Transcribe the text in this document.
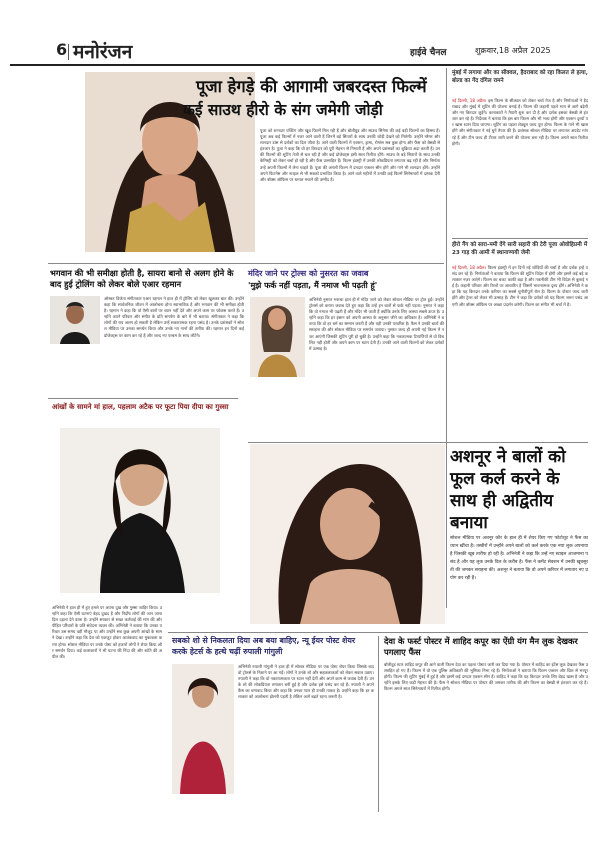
6 मनोरंजन	हाईवे चैनल	शुक्रवार,18 अप्रैल 2025
पूजा हेगड़े की आगामी जबरदस्त फिल्में
कई साउथ हीरो के संग जमेगी जोड़ी
पूजा को शानदार एक्टिंग और खूब फिल्में मिल रही हैं और बॉलीवुड और साउथ सिनेमा की कई बड़ी फिल्मों का हिस्सा हैं। पूजा अब कई फिल्मों में नज़र आने वाली हैं जिनमें बड़े सितारों के साथ उनकी जोड़ी देखने को मिलेगी। उन्होंने ग्लैमर और शानदार डांस से दर्शकों का दिल जीता है। आने वाली फिल्मों में एक्शन, ड्रामा, रोमांस सब कुछ होगा और फैंस को बेसब्री से इंतजार है। पूजा ने कहा कि वो हर किरदार को पूरी मेहनत से निभाती हैं और अपने प्रशंसकों का शुक्रिया अदा करती हैं। उनकी फिल्मों की शूटिंग तेजी से चल रही है और कई प्रोजेक्ट्स इसी साल रिलीज होंगे। साउथ के बड़े सितारों के साथ उनकी केमिस्ट्री को लेकर चर्चा हो रही है और फैंस उत्साहित हैं। फिल्म इंडस्ट्री में उनकी लोकप्रियता लगातार बढ़ रही है और निर्माता उन्हें अपनी फिल्मों में लेना चाहते हैं। पूजा की अगली फिल्म में दमदार एक्शन सीन होंगे और गाने भी शानदार होंगे। उन्होंने अपने फिटनेस और स्टाइल से भी सबको प्रभावित किया है। आने वाले महीनों में उनकी कई फिल्में सिनेमाघरों में दस्तक देंगी और बॉक्स ऑफिस पर धमाल मचाने की उम्मीद है।
मुंबई में लगाया और का सीक्वल, हैदराबाद को रहा किलत ले हत्या, बोल्ड का गेंद दंगिल रामने
नई दिल्ली, 18 अप्रैल। इस फिल्म के सीक्वल को लेकर चर्चा तेज है और निर्माताओं ने हैदराबाद और मुंबई में शूटिंग की योजना बनाई है। फिल्म की कहानी पहले भाग से आगे बढ़ेगी और नए किरदार जुड़ेंगे। कलाकारों ने तैयारी शुरू कर दी है और दर्शक इसका बेसब्री से इंतजार कर रहे हैं। निर्देशक ने बताया कि इस बार फिल्म और भी भव्य होगी और एक्शन दृश्यों पर खास ध्यान दिया जाएगा। शूटिंग का पहला शेड्यूल जल्द पूरा होगा। फिल्म के गाने भी खास होंगे और संगीतकार ने नई धुनें तैयार की हैं। प्रशंसक सोशल मीडिया पर लगातार अपडेट मांग रहे हैं और टीम जल्द ही टीजर जारी करने की योजना बना रही है। फिल्म अगले साल रिलीज होगी।
हीरो गैंग को सारा-ममी देंगे सारी सहारी की टेरी पूजा ओवोहिप्रमी में 23 गाड़ की आमी में स्थानाण्ययी जेमी
नई दिल्ली, 18 अप्रैल। फिल्म इंडस्ट्री में इन दिनों नई जोड़ियों की चर्चा है और दर्शक इन्हें पसंद कर रहे हैं। निर्माताओं ने बताया कि फिल्म की शूटिंग विदेश में होगी और इसमें कई बड़े कलाकार नज़र आएंगे। फिल्म का बजट काफी बड़ा है और तकनीकी टीम भी विदेश से बुलाई गई है। कहानी परिवार और रिश्तों पर आधारित है जिसमें भावनात्मक दृश्य होंगे। अभिनेत्री ने कहा कि यह किरदार उनके करियर का सबसे चुनौतीपूर्ण रोल है। फिल्म के पोस्टर जल्द जारी होंगे और ट्रेलर को लेकर भी उत्साह है। टीम ने कहा कि दर्शकों को यह फिल्म जरूर पसंद आएगी और बॉक्स ऑफिस पर अच्छा प्रदर्शन करेगी। फिल्म का संगीत भी चर्चा में है।
भगवान की भी समीक्षा होती है, सायरा बानो से अलग होने के बाद हुई ट्रोलिंग को लेकर बोले एआर रहमान
ऑस्कर विजेता संगीतकार एआर रहमान ने हाल ही में ट्रोलिंग को लेकर खुलकर बात की। उन्होंने कहा कि सार्वजनिक जीवन में आलोचना होना स्वाभाविक है और भगवान की भी समीक्षा होती है। रहमान ने कहा कि वो ऐसी बातों पर ध्यान नहीं देते और अपने काम पर फोकस करते हैं। उन्होंने अपने परिवार और संगीत के प्रति समर्पण के बारे में भी बताया। संगीतकार ने कहा कि लोगों की राय अलग हो सकती है लेकिन उन्हें सकारात्मक रहना पसंद है। उनके प्रशंसकों ने सोशल मीडिया पर उनका समर्थन किया और उनके नए गानों की तारीफ की। रहमान इन दिनों कई प्रोजेक्ट्स पर काम कर रहे हैं और जल्द नए एल्बम के साथ लौटेंगे।
मंदिर जाने पर ट्रोल्स को नुसरत का जवाब
'मुझे फर्क नहीं पड़ता, मैं नमाज भी पढ़ती हूं'
अभिनेत्री नुसरत भरूचा हाल ही में मंदिर जाने को लेकर सोशल मीडिया पर ट्रोल हुईं। उन्होंने ट्रोलर्स को करारा जवाब देते हुए कहा कि उन्हें इन बातों से फर्क नहीं पड़ता। नुसरत ने कहा कि वो नमाज भी पढ़ती हैं और मंदिर भी जाती हैं क्योंकि उनके लिए आस्था सबसे ऊपर है। उन्होंने कहा कि हर इंसान को अपनी आस्था के अनुसार जीने का अधिकार है। अभिनेत्री ने बताया कि वो हर धर्म का सम्मान करती हैं और यही उनकी परवरिश है। फैंस ने उनकी बातों की सराहना की और सोशल मीडिया पर समर्थन जताया। नुसरत जल्द ही अपनी नई फिल्म में नज़र आएंगी जिसकी शूटिंग पूरी हो चुकी है। उन्होंने कहा कि नकारात्मक टिप्पणियों से वो विचलित नहीं होतीं और अपने काम पर ध्यान देती हैं। उनकी आने वाली फिल्मों को लेकर दर्शकों में उत्साह है।
आंखों के सामने मां हाल, पहलाम अटैक पर फूटा पिया दीपा का गुस्सा
अभिनेत्री ने हाल ही में हुए हमले पर अपना दुख और गुस्सा जाहिर किया। उन्होंने कहा कि ऐसी घटनाएं बेहद दुखद हैं और निर्दोष लोगों की जान जाना दिल दहला देने वाला है। उन्होंने सरकार से सख्त कार्रवाई की मांग की और पीड़ित परिवारों के प्रति संवेदना व्यक्त की। अभिनेत्री ने बताया कि उनका परिवार उस समय वहीं मौजूद था और उन्होंने सब कुछ अपनी आंखों के सामने देखा। उन्होंने कहा कि देश को एकजुट होकर आतंकवाद का मुकाबला करना होगा। सोशल मीडिया पर उनके पोस्ट को हजारों लोगों ने शेयर किया और समर्थन दिया। कई कलाकारों ने भी घटना की निंदा की और शांति की अपील की।
अशनूर ने बालों को फूल कर्ल करने के साथ ही अद्वितीय बनाया
सोशल मीडिया पर अशनूर कौर के हाल ही में शेयर किए गए फोटोशूट ने फैंस का ध्यान खींचा है। तस्वीरों में उन्होंने अपने बालों को कर्ल करके एक नया लुक अपनाया है जिसकी खूब तारीफ हो रही है। अभिनेत्री ने कहा कि उन्हें नए स्टाइल आजमाना पसंद है और यह लुक उनके दिल के करीब है। फैंस ने कमेंट सेक्शन में उनकी खूबसूरती की जमकर सराहना की। अशनूर ने बताया कि वो अपने करियर में लगातार नए प्रयोग कर रही हैं।
सबको शो से निकलता दिया अब बया बाहिए, न्यू ईयर पोस्ट शेयर करके हेटर्स के हत्थे चढ़ीं रुपाली गांगुली
अभिनेत्री रुपाली गांगुली ने हाल ही में सोशल मीडिया पर एक पोस्ट शेयर किया जिसके बाद वो ट्रोलर्स के निशाने पर आ गईं। लोगों ने उनके शो और सहकलाकारों को लेकर सवाल उठाए। रुपाली ने कहा कि वो नकारात्मकता पर ध्यान नहीं देतीं और अपने काम से जवाब देती हैं। उनके शो की लोकप्रियता लगातार बनी हुई है और दर्शक इसे पसंद कर रहे हैं। रुपाली ने अपने फैंस का धन्यवाद किया और कहा कि उनका प्यार ही उनकी ताकत है। उन्होंने कहा कि हर कलाकार को आलोचना झेलनी पड़ती है लेकिन आगे बढ़ते रहना जरूरी है।
देवा के फर्स्ट पोस्टर में शाहिद कपूर का ऐंग्री यंग मैन लुक देखकर पगलाए फैंस
बॉलीवुड स्टार शाहिद कपूर की आने वाली फिल्म देवा का पहला पोस्टर जारी कर दिया गया है। पोस्टर में शाहिद का इंटेंस लुक देखकर फैंस उत्साहित हो गए हैं। फिल्म में वो एक पुलिस अधिकारी की भूमिका निभा रहे हैं। निर्माताओं ने बताया कि फिल्म एक्शन और थ्रिल से भरपूर होगी। फिल्म की शूटिंग मुंबई में हुई है और इसमें कई दमदार एक्शन सीन हैं। शाहिद ने कहा कि यह किरदार उनके लिए बेहद खास है और उन्होंने इसके लिए कड़ी मेहनत की है। फैंस ने सोशल मीडिया पर पोस्टर की जमकर तारीफ की और फिल्म का बेसब्री से इंतजार कर रहे हैं। फिल्म अगले साल सिनेमाघरों में रिलीज होगी।
